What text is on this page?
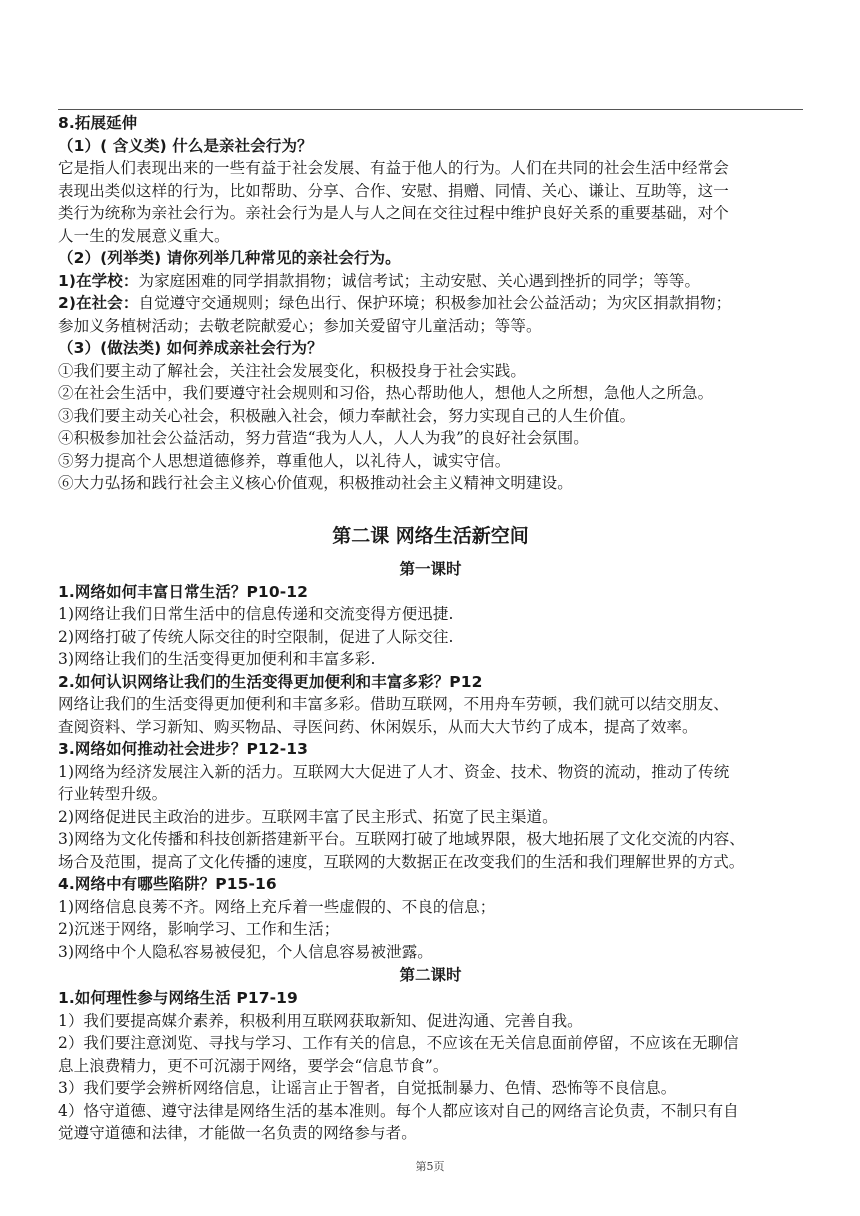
8.拓展延伸
（1）( 含义类) 什么是亲社会行为？
它是指人们表现出来的一些有益于社会发展、有益于他人的行为。人们在共同的社会生活中经常会
表现出类似这样的行为，比如帮助、分享、合作、安慰、捐赠、同情、关心、谦让、互助等，这一
类行为统称为亲社会行为。亲社会行为是人与人之间在交往过程中维护良好关系的重要基础，对个
人一生的发展意义重大。
（2）(列举类) 请你列举几种常见的亲社会行为。
1)在学校：为家庭困难的同学捐款捐物；诚信考试；主动安慰、关心遇到挫折的同学；等等。
2)在社会：自觉遵守交通规则；绿色出行、保护环境；积极参加社会公益活动；为灾区捐款捐物；
参加义务植树活动；去敬老院献爱心；参加关爱留守儿童活动；等等。
（3）(做法类) 如何养成亲社会行为？
①我们要主动了解社会，关注社会发展变化，积极投身于社会实践。
②在社会生活中，我们要遵守社会规则和习俗，热心帮助他人，想他人之所想，急他人之所急。
③我们要主动关心社会，积极融入社会，倾力奉献社会，努力实现自己的人生价值。
④积极参加社会公益活动，努力营造“我为人人，人人为我”的良好社会氛围。
⑤努力提高个人思想道德修养，尊重他人，以礼待人，诚实守信。
⑥大力弘扬和践行社会主义核心价值观，积极推动社会主义精神文明建设。
第二课 网络生活新空间
第一课时
1.网络如何丰富日常生活？P10-12
1)网络让我们日常生活中的信息传递和交流变得方便迅捷.
2)网络打破了传统人际交往的时空限制，促进了人际交往.
3)网络让我们的生活变得更加便利和丰富多彩.
2.如何认识网络让我们的生活变得更加便利和丰富多彩？P12
网络让我们的生活变得更加便利和丰富多彩。借助互联网，不用舟车劳顿，我们就可以结交朋友、
查阅资料、学习新知、购买物品、寻医问药、休闲娱乐，从而大大节约了成本，提高了效率。
3.网络如何推动社会进步？P12-13
1)网络为经济发展注入新的活力。互联网大大促进了人才、资金、技术、物资的流动，推动了传统
行业转型升级。
2)网络促进民主政治的进步。互联网丰富了民主形式、拓宽了民主渠道。
3)网络为文化传播和科技创新搭建新平台。互联网打破了地域界限，极大地拓展了文化交流的内容、
场合及范围，提高了文化传播的速度，互联网的大数据正在改变我们的生活和我们理解世界的方式。
4.网络中有哪些陷阱？P15-16
1)网络信息良莠不齐。网络上充斥着一些虚假的、不良的信息；
2)沉迷于网络，影响学习、工作和生活；
3)网络中个人隐私容易被侵犯，个人信息容易被泄露。
第二课时
1.如何理性参与网络生活 P17-19
1）我们要提高媒介素养，积极利用互联网获取新知、促进沟通、完善自我。
2）我们要注意浏览、寻找与学习、工作有关的信息，不应该在无关信息面前停留，不应该在无聊信
息上浪费精力，更不可沉溺于网络，要学会“信息节食”。
3）我们要学会辨析网络信息，让谣言止于智者，自觉抵制暴力、色情、恐怖等不良信息。
4）恪守道德、遵守法律是网络生活的基本准则。每个人都应该对自己的网络言论负责，不制只有自
觉遵守道德和法律，才能做一名负责的网络参与者。
第5页
